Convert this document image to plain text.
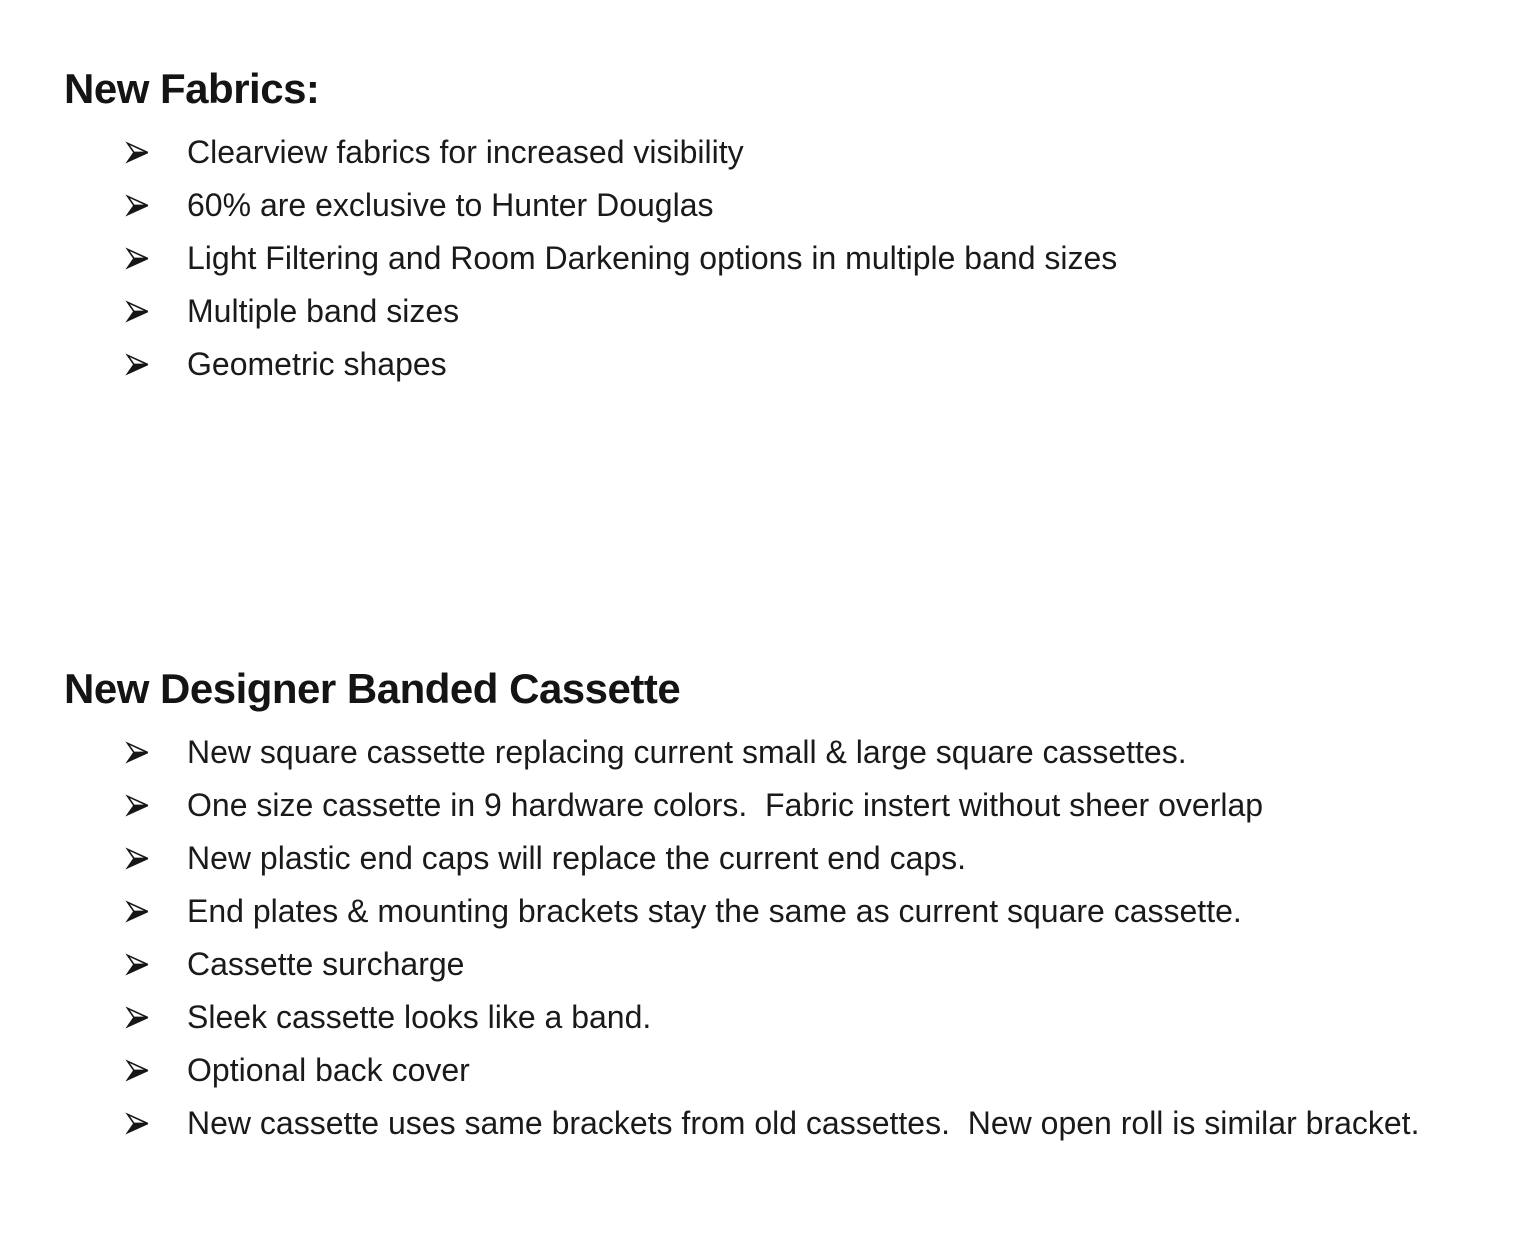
New Fabrics:
Clearview fabrics for increased visibility
60% are exclusive to Hunter Douglas
Light Filtering and Room Darkening options in multiple band sizes
Multiple band sizes
Geometric shapes
New Designer Banded Cassette
New square cassette replacing current small & large square cassettes.
One size cassette in 9 hardware colors.  Fabric instert without sheer overlap
New plastic end caps will replace the current end caps.
End plates & mounting brackets stay the same as current square cassette.
Cassette surcharge
Sleek cassette looks like a band.
Optional back cover
New cassette uses same brackets from old cassettes.  New open roll is similar bracket.
